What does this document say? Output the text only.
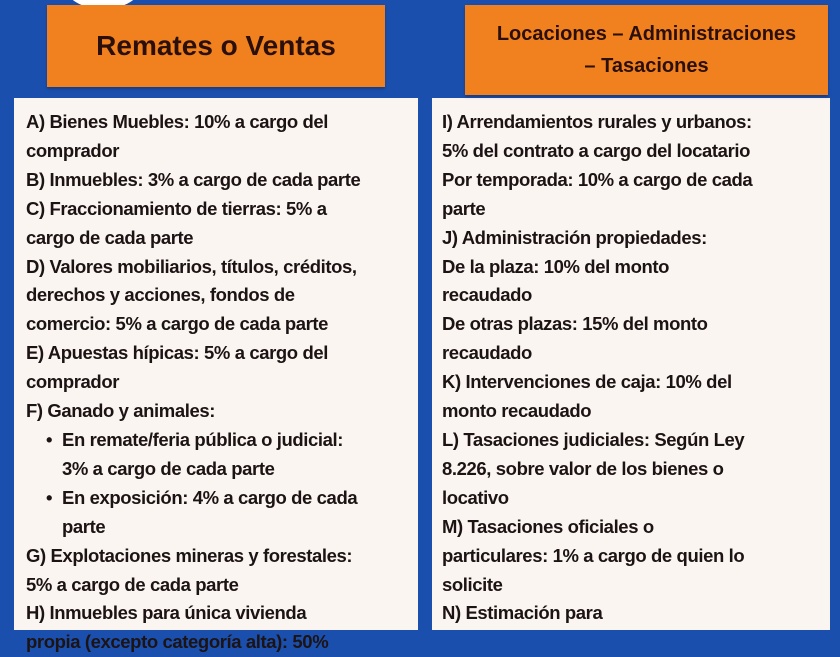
Remates o Ventas	Locaciones – Administraciones
– Tasaciones
A) Bienes Muebles: 10% a cargo del
comprador
B) Inmuebles: 3% a cargo de cada parte
C) Fraccionamiento de tierras: 5% a
cargo de cada parte
D) Valores mobiliarios, títulos, créditos,
derechos y acciones, fondos de
comercio: 5% a cargo de cada parte
E) Apuestas hípicas: 5% a cargo del
comprador
F) Ganado y animales:
• En remate/feria pública o judicial:
3% a cargo de cada parte
• En exposición: 4% a cargo de cada
parte
G) Explotaciones mineras y forestales:
5% a cargo de cada parte
H) Inmuebles para única vivienda
propia (excepto categoría alta): 50%
I) Arrendamientos rurales y urbanos:
5% del contrato a cargo del locatario
Por temporada: 10% a cargo de cada
parte
J) Administración propiedades:
De la plaza: 10% del monto
recaudado
De otras plazas: 15% del monto
recaudado
K) Intervenciones de caja: 10% del
monto recaudado
L) Tasaciones judiciales: Según Ley
8.226, sobre valor de los bienes o
locativo
M) Tasaciones oficiales o
particulares: 1% a cargo de quien lo
solicite
N) Estimación para
